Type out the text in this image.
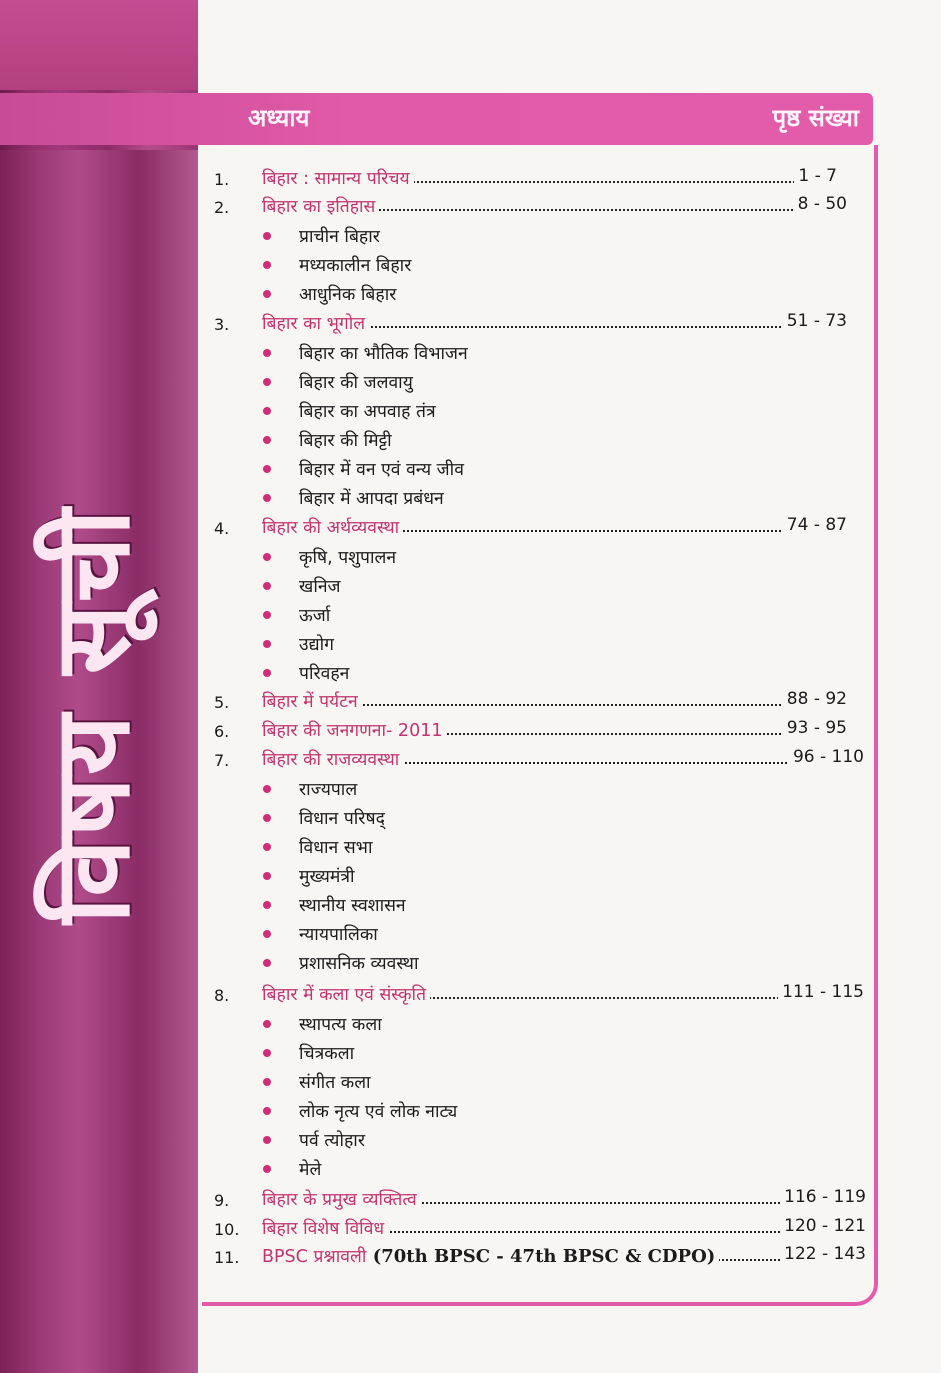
विषय सूची
अध्याय	पृष्ठ संख्या
1. बिहार : सामान्य परिचय	1 - 7
2. बिहार का इतिहास	8 - 50
प्राचीन बिहार
मध्यकालीन बिहार
आधुनिक बिहार
3. बिहार का भूगोल	51 - 73
बिहार का भौतिक विभाजन
बिहार की जलवायु
बिहार का अपवाह तंत्र
बिहार की मिट्टी
बिहार में वन एवं वन्य जीव
बिहार में आपदा प्रबंधन
4. बिहार की अर्थव्यवस्था	74 - 87
कृषि, पशुपालन
खनिज
ऊर्जा
उद्योग
परिवहन
5. बिहार में पर्यटन	88 - 92
6. बिहार की जनगणना- 2011	93 - 95
7. बिहार की राजव्यवस्था	96 - 110
राज्यपाल
विधान परिषद्
विधान सभा
मुख्यमंत्री
स्थानीय स्वशासन
न्यायपालिका
प्रशासनिक व्यवस्था
8. बिहार में कला एवं संस्कृति	111 - 115
स्थापत्य कला
चित्रकला
संगीत कला
लोक नृत्य एवं लोक नाट्य
पर्व त्योहार
मेले
9. बिहार के प्रमुख व्यक्तित्व	116 - 119
10. बिहार विशेष विविध	120 - 121
11. BPSC प्रश्नावली (70th BPSC - 47th BPSC & CDPO)	122 - 143
